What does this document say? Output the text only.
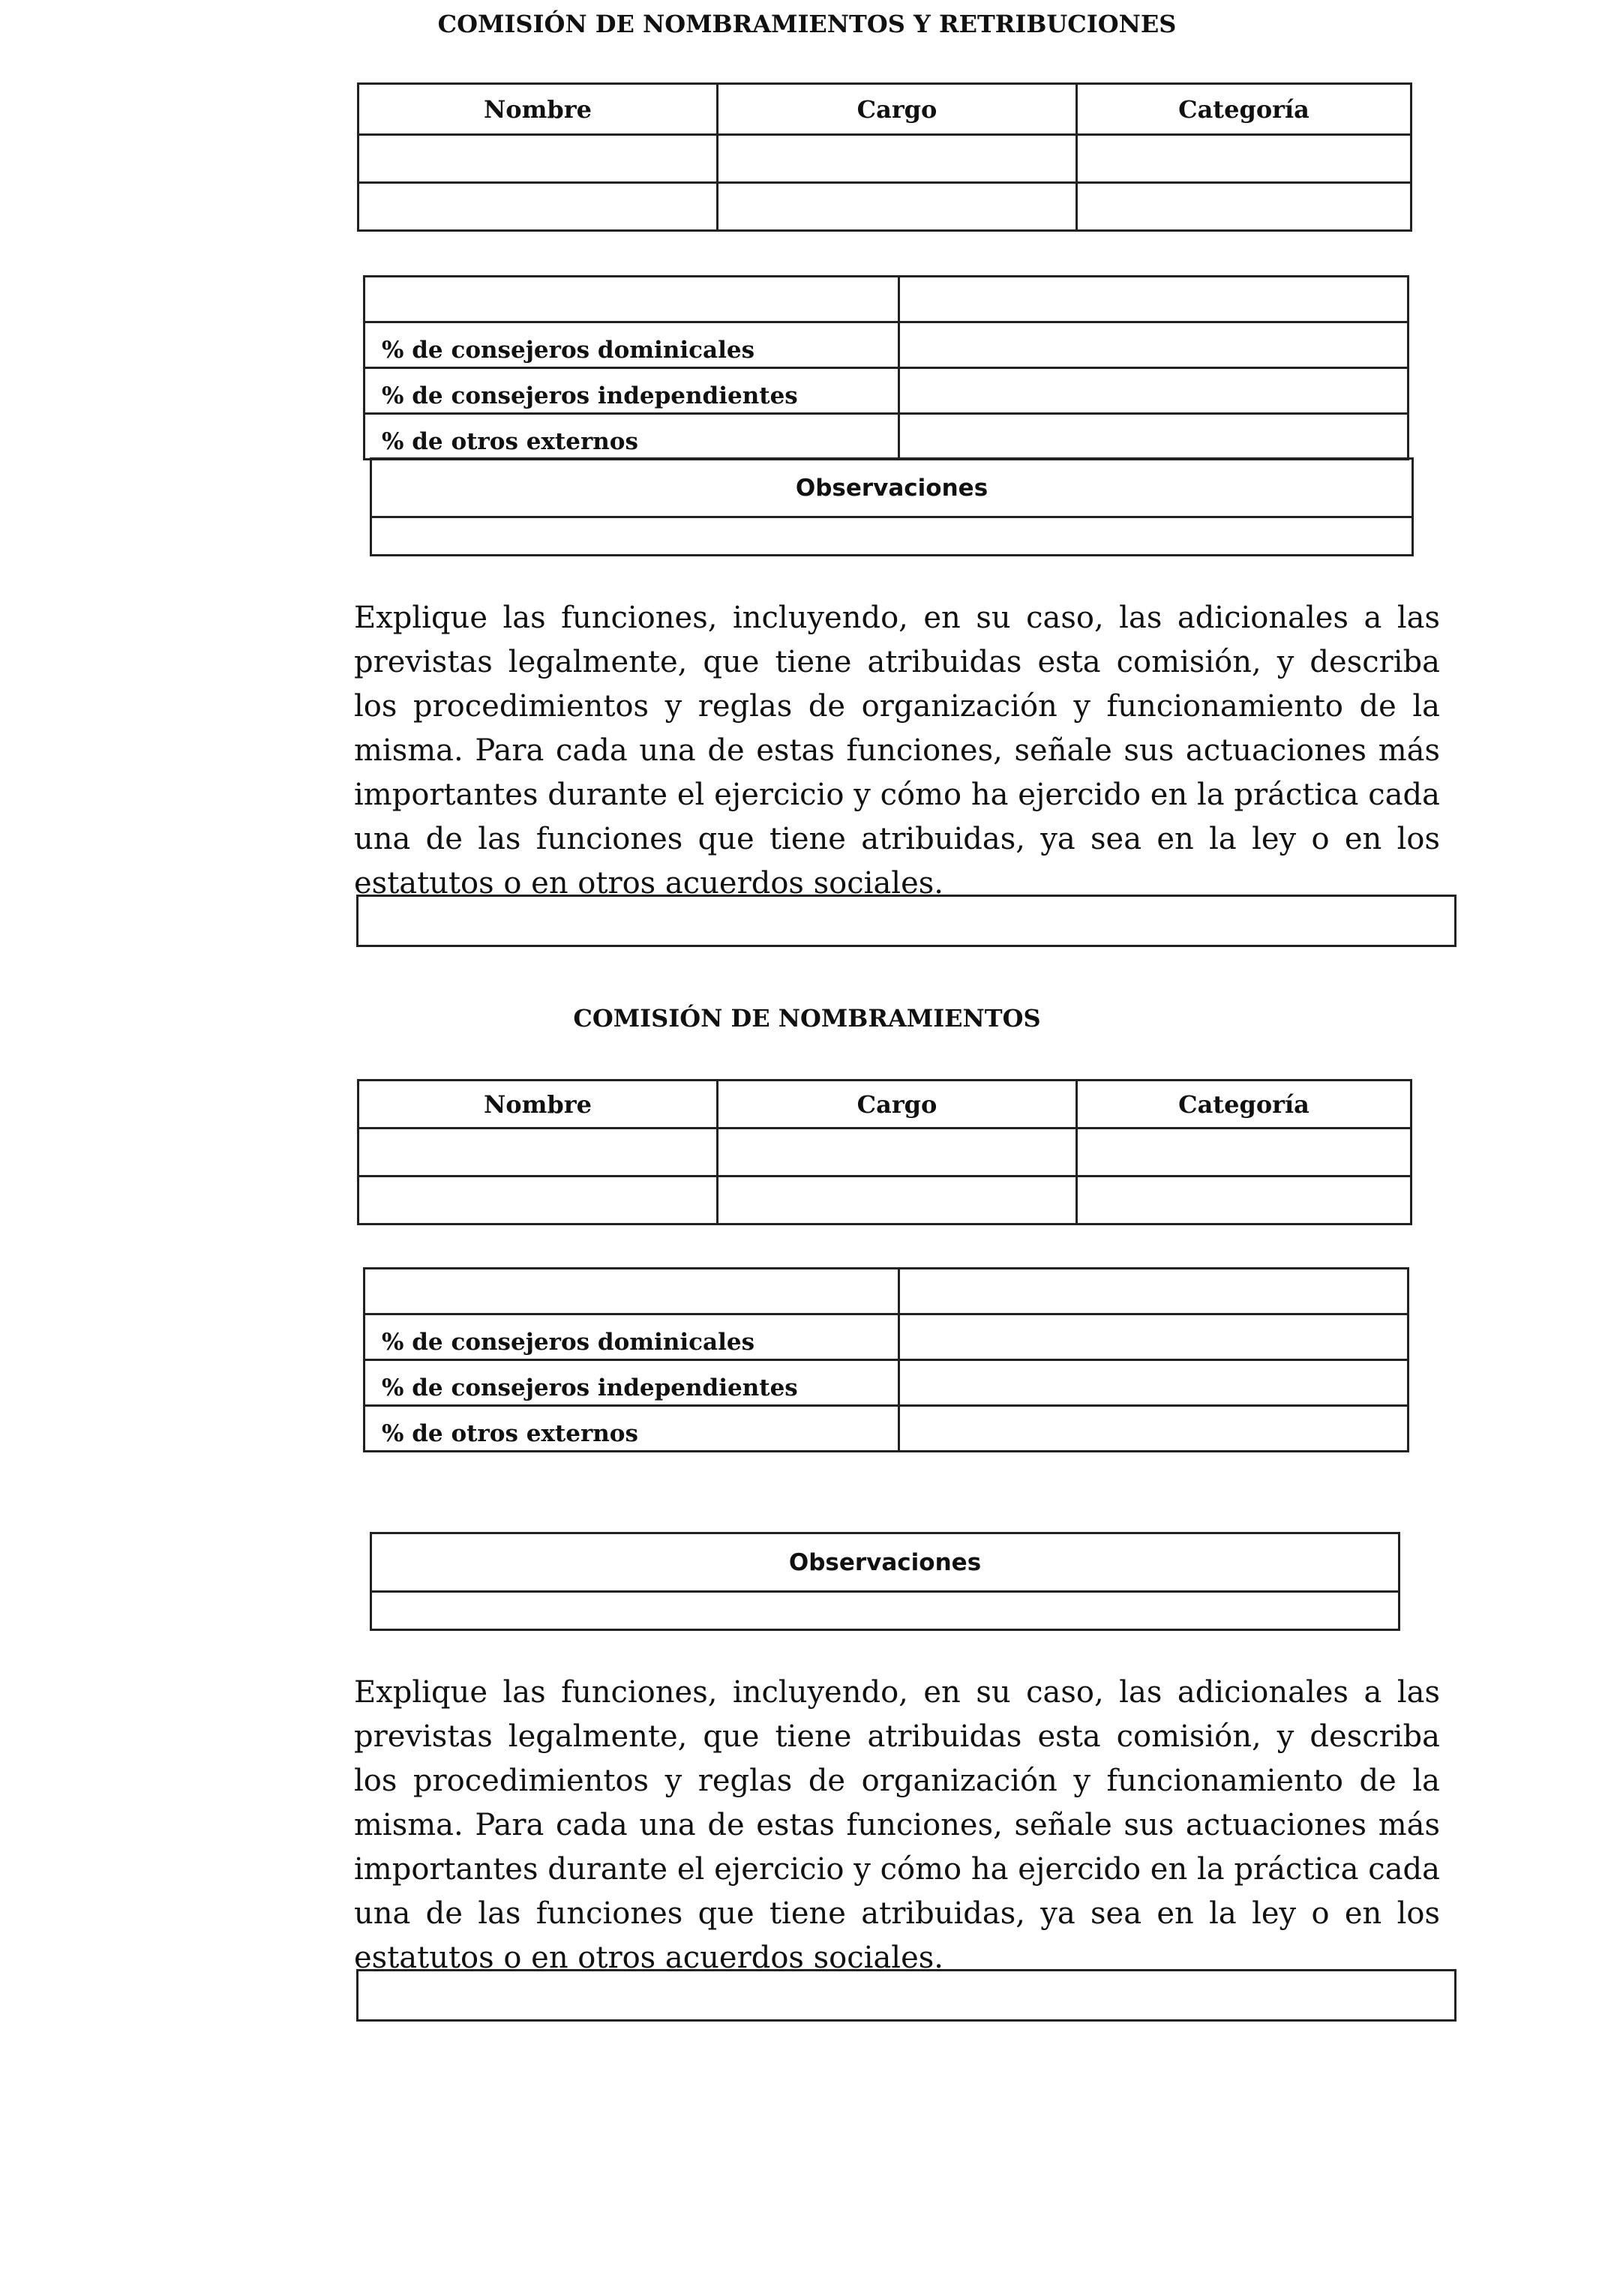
COMISIÓN DE NOMBRAMIENTOS Y RETRIBUCIONES
Nombre	Cargo	Categoría

% de consejeros dominicales	
% de consejeros independientes	
% de otros externos	
Observaciones

Explique las funciones, incluyendo, en su caso, las adicionales a las previstas legalmente, que tiene atribuidas esta comisión, y describa los procedimientos y reglas de organización y funcionamiento de la misma. Para cada una de estas funciones, señale sus actuaciones más importantes durante el ejercicio y cómo ha ejercido en la práctica cada una de las funciones que tiene atribuidas, ya sea en la ley o en los estatutos o en otros acuerdos sociales.

COMISIÓN DE NOMBRAMIENTOS
Nombre	Cargo	Categoría

% de consejeros dominicales	
% de consejeros independientes	
% de otros externos	
Observaciones

Explique las funciones, incluyendo, en su caso, las adicionales a las previstas legalmente, que tiene atribuidas esta comisión, y describa los procedimientos y reglas de organización y funcionamiento de la misma. Para cada una de estas funciones, señale sus actuaciones más importantes durante el ejercicio y cómo ha ejercido en la práctica cada una de las funciones que tiene atribuidas, ya sea en la ley o en los estatutos o en otros acuerdos sociales.
